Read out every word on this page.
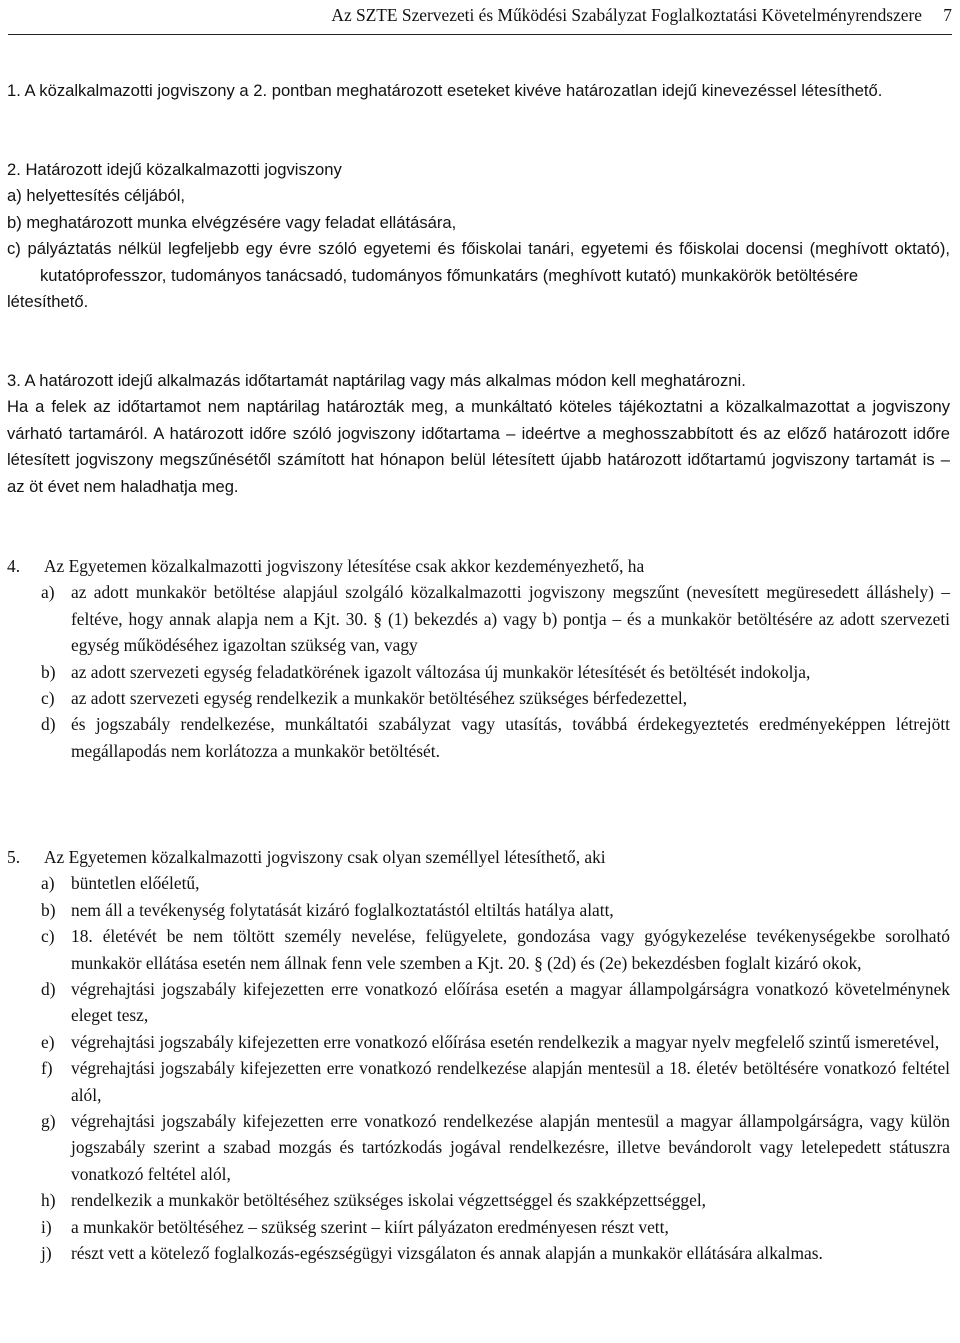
Az SZTE Szervezeti és Működési Szabályzat Foglalkoztatási Követelményrendszere 7
1. A közalkalmazotti jogviszony a 2. pontban meghatározott eseteket kivéve határozatlan idejű kinevezéssel létesíthető.
2. Határozott idejű közalkalmazotti jogviszony
a) helyettesítés céljából,
b) meghatározott munka elvégzésére vagy feladat ellátására,
c) pályáztatás nélkül legfeljebb egy évre szóló egyetemi és főiskolai tanári, egyetemi és főiskolai docensi (meghívott oktató), kutatóprofesszor, tudományos tanácsadó, tudományos főmunkatárs (meghívott kutató) munkakörök betöltésére
létesíthető.
3. A határozott idejű alkalmazás időtartamát naptárilag vagy más alkalmas módon kell meghatározni.
Ha a felek az időtartamot nem naptárilag határozták meg, a munkáltató köteles tájékoztatni a közalkalmazottat a jogviszony várható tartamáról. A határozott időre szóló jogviszony időtartama – ideértve a meghosszabbított és az előző határozott időre létesített jogviszony megszűnésétől számított hat hónapon belül létesített újabb határozott időtartamú jogviszony tartamát is – az öt évet nem haladhatja meg.
4. Az Egyetemen közalkalmazotti jogviszony létesítése csak akkor kezdeményezhető, ha
a) az adott munkakör betöltése alapjául szolgáló közalkalmazotti jogviszony megszűnt (nevesített megüresedett álláshely) – feltéve, hogy annak alapja nem a Kjt. 30. § (1) bekezdés a) vagy b) pontja – és a munkakör betöltésére az adott szervezeti egység működéséhez igazoltan szükség van, vagy
b) az adott szervezeti egység feladatkörének igazolt változása új munkakör létesítését és betöltését indokolja,
c) az adott szervezeti egység rendelkezik a munkakör betöltéséhez szükséges bérfedezettel,
d) és jogszabály rendelkezése, munkáltatói szabályzat vagy utasítás, továbbá érdekegyeztetés eredményeképpen létrejött megállapodás nem korlátozza a munkakör betöltését.
5. Az Egyetemen közalkalmazotti jogviszony csak olyan személlyel létesíthető, aki
a) büntetlen előéletű,
b) nem áll a tevékenység folytatását kizáró foglalkoztatástól eltiltás hatálya alatt,
c) 18. életévét be nem töltött személy nevelése, felügyelete, gondozása vagy gyógykezelése tevékenységekbe sorolható munkakör ellátása esetén nem állnak fenn vele szemben a Kjt. 20. § (2d) és (2e) bekezdésben foglalt kizáró okok,
d) végrehajtási jogszabály kifejezetten erre vonatkozó előírása esetén a magyar állampolgárságra vonatkozó követelménynek eleget tesz,
e) végrehajtási jogszabály kifejezetten erre vonatkozó előírása esetén rendelkezik a magyar nyelv megfelelő szintű ismeretével,
f) végrehajtási jogszabály kifejezetten erre vonatkozó rendelkezése alapján mentesül a 18. életév betöltésére vonatkozó feltétel alól,
g) végrehajtási jogszabály kifejezetten erre vonatkozó rendelkezése alapján mentesül a magyar állampolgárságra, vagy külön jogszabály szerint a szabad mozgás és tartózkodás jogával rendelkezésre, illetve bevándorolt vagy letelepedett státuszra vonatkozó feltétel alól,
h) rendelkezik a munkakör betöltéséhez szükséges iskolai végzettséggel és szakképzettséggel,
i) a munkakör betöltéséhez – szükség szerint – kiírt pályázaton eredményesen részt vett,
j) részt vett a kötelező foglalkozás-egészségügyi vizsgálaton és annak alapján a munkakör ellátására alkalmas.
